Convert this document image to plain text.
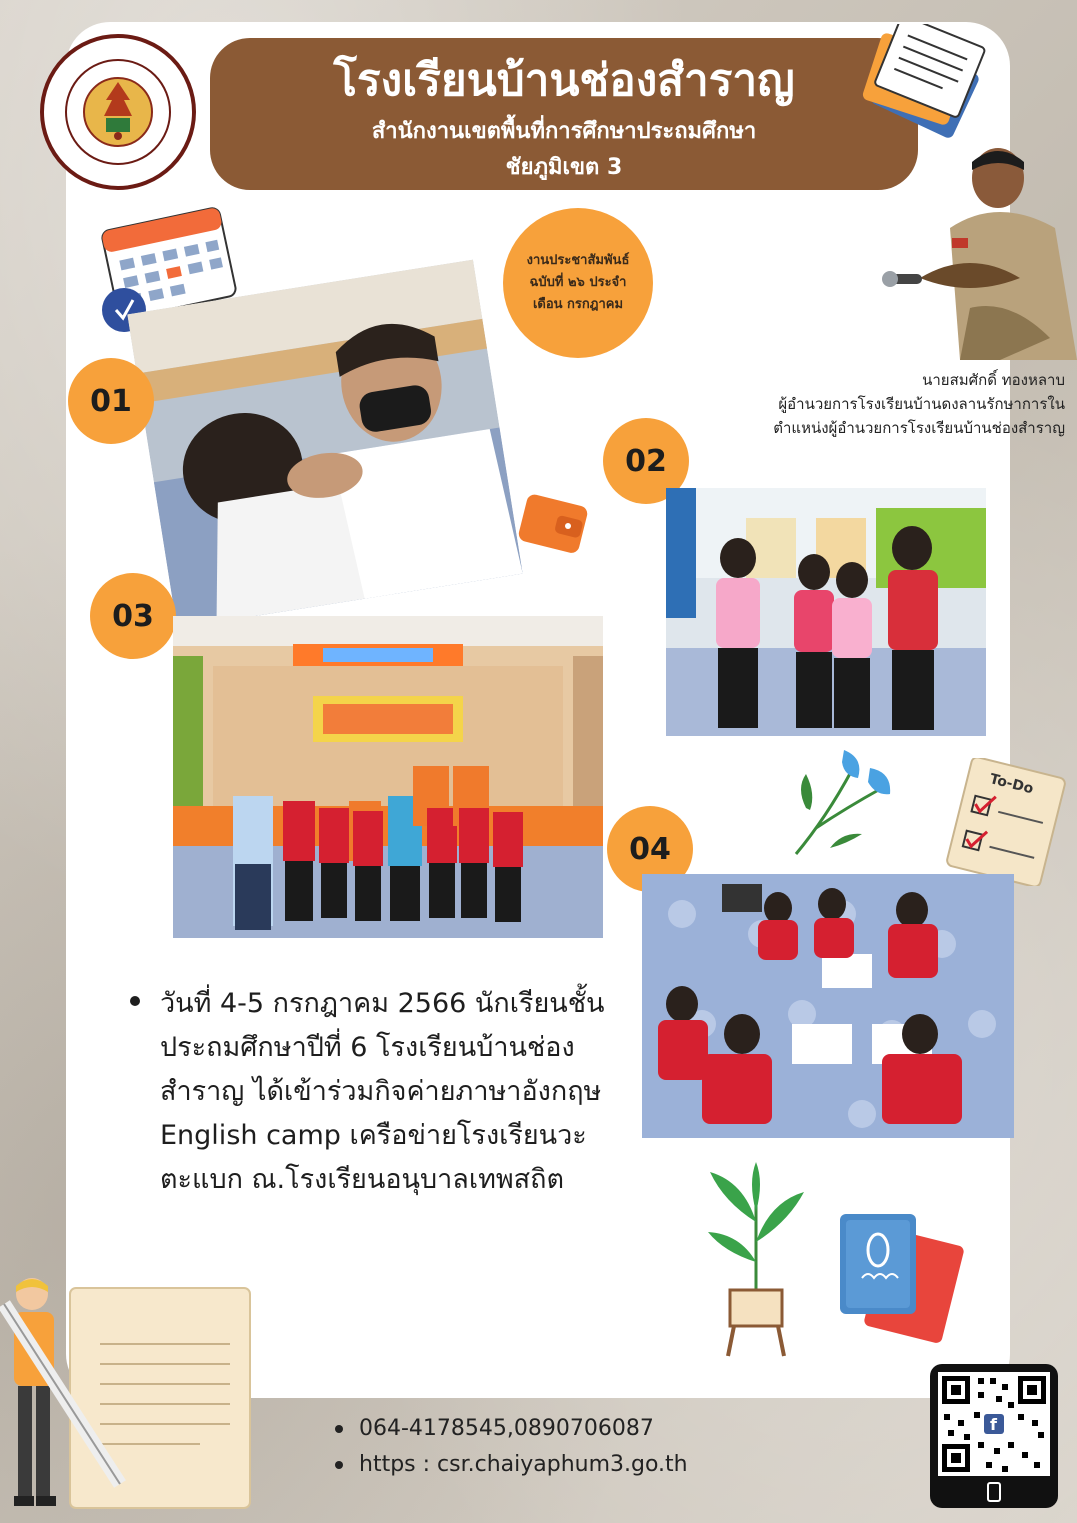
โรงเรียนบ้านช่องสำราญ
สำนักงานเขตพื้นที่การศึกษาประถมศึกษา
ชัยภูมิเขต 3
งานประชาสัมพันธ์
ฉบับที่ ๒๖ ประจำ
เดือน กรกฎาคม
นายสมศักดิ์ ทองหลาบ
ผู้อำนวยการโรงเรียนบ้านดงลานรักษาการใน
ตำแหน่งผู้อำนวยการโรงเรียนบ้านช่องสำราญ
01
02
03
To-Do
04
วันที่ 4-5 กรกฎาคม 2566 นักเรียนชั้นประถมศึกษาปีที่ 6 โรงเรียนบ้านช่องสำราญ ได้เข้าร่วมกิจค่ายภาษาอังกฤษ English camp เครือข่ายโรงเรียนวะตะแบก ณ.โรงเรียนอนุบาลเทพสถิต
064-4178545,0890706087
https : csr.chaiyaphum3.go.th
f
